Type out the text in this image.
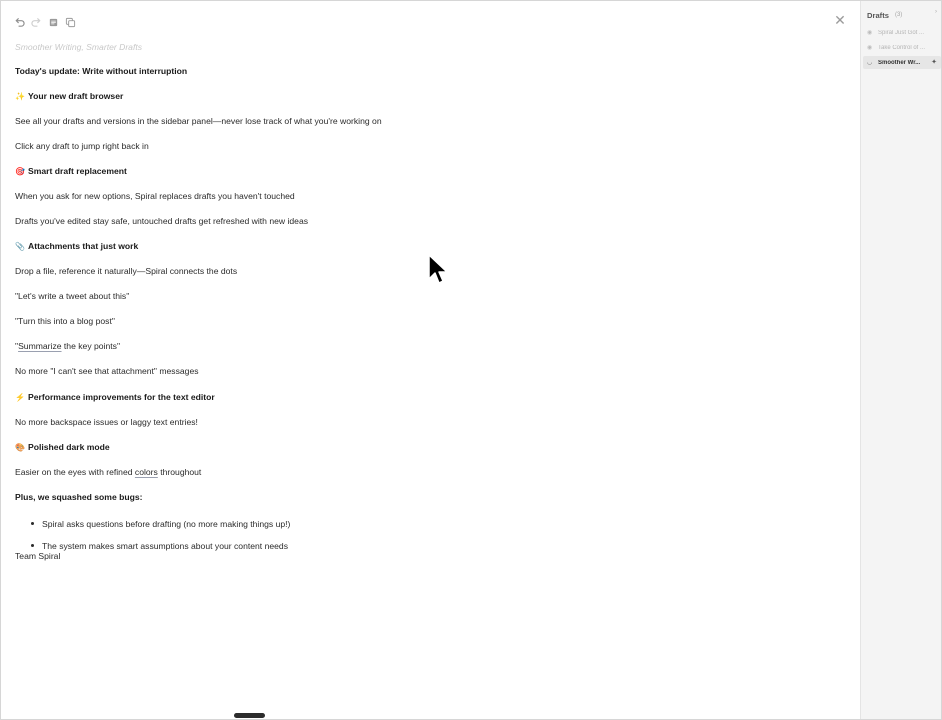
✕
Smoother Writing, Smarter Drafts
Today's update: Write without interruption
✨ Your new draft browser
See all your drafts and versions in the sidebar panel—never lose track of what you're working on
Click any draft to jump right back in
🎯 Smart draft replacement
When you ask for new options, Spiral replaces drafts you haven't touched
Drafts you've edited stay safe, untouched drafts get refreshed with new ideas
📎 Attachments that just work
Drop a file, reference it naturally—Spiral connects the dots
"Let's write a tweet about this"
"Turn this into a blog post"
"Summarize the key points"
No more "I can't see that attachment" messages
⚡ Performance improvements for the text editor
No more backspace issues or laggy text entries!
🎨 Polished dark mode
Easier on the eyes with refined colors throughout
Plus, we squashed some bugs:
Spiral asks questions before drafting (no more making things up!)
The system makes smart assumptions about your content needs
Team Spiral
Drafts (3)	›
◉ Spiral Just Got ...
◉ Take Control of ...
◡ Smoother Wr...	✦
